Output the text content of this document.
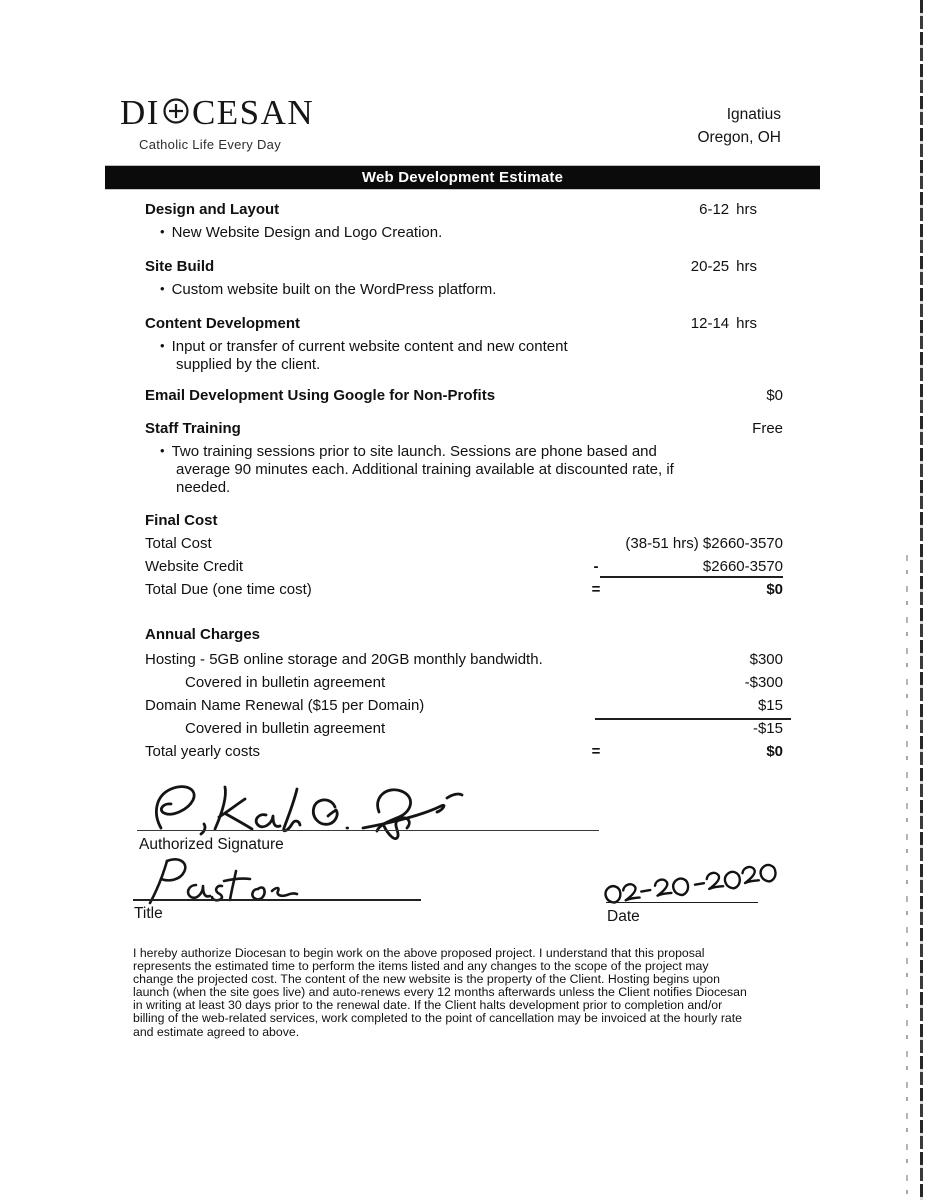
DI CESAN
Catholic Life Every Day
Ignatius
Oregon, OH
Web Development Estimate
Design and Layout	6-12 hrs
• New Website Design and Logo Creation.
Site Build	20-25 hrs
• Custom website built on the WordPress platform.
Content Development	12-14 hrs
• Input or transfer of current website content and new content
supplied by the client.
Email Development Using Google for Non-Profits	$0
Staff Training	Free
• Two training sessions prior to site launch. Sessions are phone based and
average 90 minutes each. Additional training available at discounted rate, if
needed.
Final Cost
Total Cost	(38-51 hrs) $2660-3570
Website Credit	-	$2660-3570
Total Due (one time cost)	=	$0
Annual Charges
Hosting - 5GB online storage and 20GB monthly bandwidth.	$300
Covered in bulletin agreement	-$300
Domain Name Renewal ($15 per Domain)	$15
Covered in bulletin agreement	-$15
Total yearly costs	=	$0
Authorized Signature
Title	Date
I hereby authorize Diocesan to begin work on the above proposed project. I understand that this proposal represents the estimated time to perform the items listed and any changes to the scope of the project may change the projected cost. The content of the new website is the property of the Client. Hosting begins upon launch (when the site goes live) and auto-renews every 12 months afterwards unless the Client notifies Diocesan in writing at least 30 days prior to the renewal date. If the Client halts development prior to completion and/or billing of the web-related services, work completed to the point of cancellation may be invoiced at the hourly rate and estimate agreed to above.
